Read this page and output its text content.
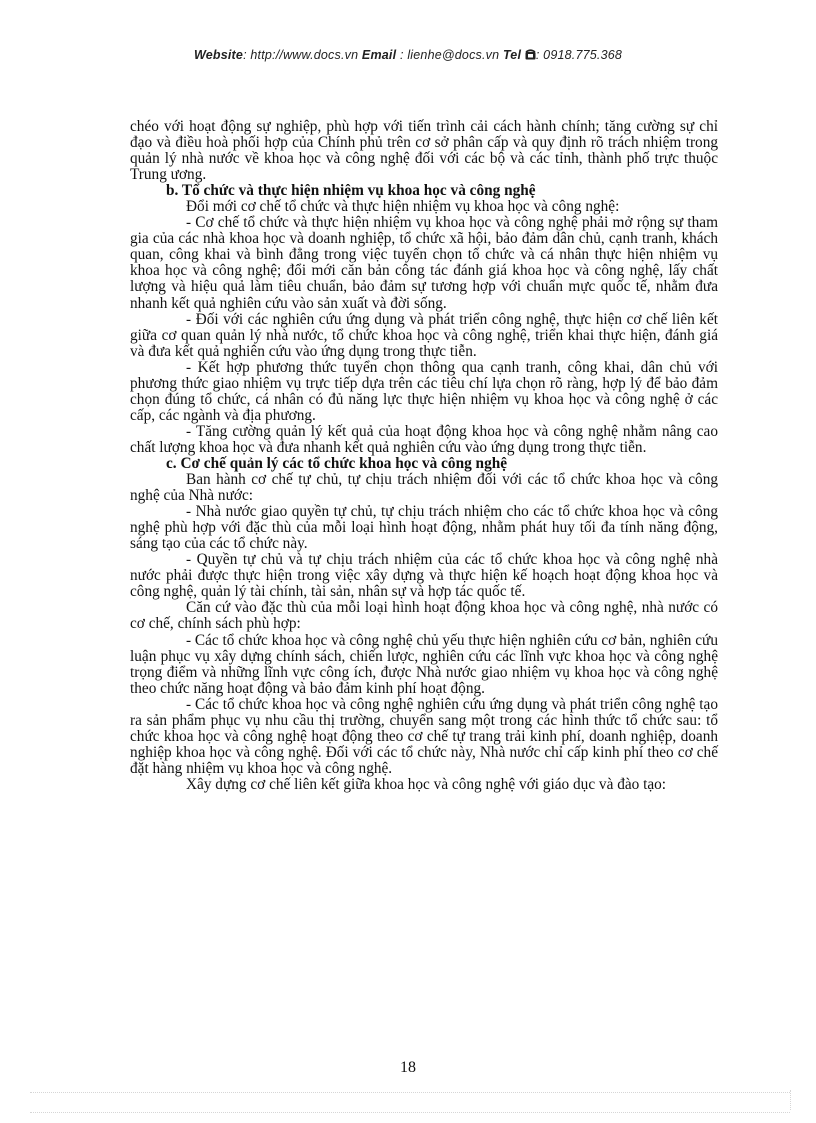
Website: http://www.docs.vn Email : lienhe@docs.vn Tel : 0918.775.368

chéo với hoạt động sự nghiệp, phù hợp với tiến trình cải cách hành chính; tăng cường sự chỉ đạo và điều hoà phối hợp của Chính phủ trên cơ sở phân cấp và quy định rõ trách nhiệm trong quản lý nhà nước về khoa học và công nghệ đối với các bộ và các tỉnh, thành phố trực thuộc Trung ương.

b. Tổ chức và thực hiện nhiệm vụ khoa học và công nghệ

Đổi mới cơ chế tổ chức và thực hiện nhiệm vụ khoa học và công nghệ:

- Cơ chế tổ chức và thực hiện nhiệm vụ khoa học và công nghệ phải mở rộng sự tham gia của các nhà khoa học và doanh nghiệp, tổ chức xã hội, bảo đảm dân chủ, cạnh tranh, khách quan, công khai và bình đẳng trong việc tuyển chọn tổ chức và cá nhân thực hiện nhiệm vụ khoa học và công nghệ; đổi mới căn bản công tác đánh giá khoa học và công nghệ, lấy chất lượng và hiệu quả làm tiêu chuẩn, bảo đảm sự tương hợp với chuẩn mực quốc tế, nhằm đưa nhanh kết quả nghiên cứu vào sản xuất và đời sống.

- Đối với các nghiên cứu ứng dụng và phát triển công nghệ, thực hiện cơ chế liên kết giữa cơ quan quản lý nhà nước, tổ chức khoa học và công nghệ, triển khai thực hiện, đánh giá và đưa kết quả nghiên cứu vào ứng dụng trong thực tiễn.

- Kết hợp phương thức tuyển chọn thông qua cạnh tranh, công khai, dân chủ với phương thức giao nhiệm vụ trực tiếp dựa trên các tiêu chí lựa chọn rõ ràng, hợp lý để bảo đảm chọn đúng tổ chức, cá nhân có đủ năng lực thực hiện nhiệm vụ khoa học và công nghệ ở các cấp, các ngành và địa phương.

- Tăng cường quản lý kết quả của hoạt động khoa học và công nghệ nhằm nâng cao chất lượng khoa học và đưa nhanh kết quả nghiên cứu vào ứng dụng trong thực tiễn.

c. Cơ chế quản lý các tổ chức khoa học và công nghệ

Ban hành cơ chế tự chủ, tự chịu trách nhiệm đối với các tổ chức khoa học và công nghệ của Nhà nước:

- Nhà nước giao quyền tự chủ, tự chịu trách nhiệm cho các tổ chức khoa học và công nghệ phù hợp với đặc thù của mỗi loại hình hoạt động, nhằm phát huy tối đa tính năng động, sáng tạo của các tổ chức này.

- Quyền tự chủ và tự chịu trách nhiệm của các tổ chức khoa học và công nghệ nhà nước phải được thực hiện trong việc xây dựng và thực hiện kế hoạch hoạt động khoa học và công nghệ, quản lý tài chính, tài sản, nhân sự và hợp tác quốc tế.

Căn cứ vào đặc thù của mỗi loại hình hoạt động khoa học và công nghệ, nhà nước có cơ chế, chính sách phù hợp:

- Các tổ chức khoa học và công nghệ chủ yếu thực hiện nghiên cứu cơ bản, nghiên cứu luận phục vụ xây dựng chính sách, chiến lược, nghiên cứu các lĩnh vực khoa học và công nghệ trọng điểm và những lĩnh vực công ích, được Nhà nước giao nhiệm vụ khoa học và công nghệ theo chức năng hoạt động và bảo đảm kinh phí hoạt động.

- Các tổ chức khoa học và công nghệ nghiên cứu ứng dụng và phát triển công nghệ tạo ra sản phẩm phục vụ nhu cầu thị trường, chuyển sang một trong các hình thức tổ chức sau: tổ chức khoa học và công nghệ hoạt động theo cơ chế tự trang trải kinh phí, doanh nghiệp, doanh nghiệp khoa học và công nghệ. Đối với các tổ chức này, Nhà nước chỉ cấp kinh phí theo cơ chế đặt hàng nhiệm vụ khoa học và công nghệ.

Xây dựng cơ chế liên kết giữa khoa học và công nghệ với giáo dục và đào tạo:

18
